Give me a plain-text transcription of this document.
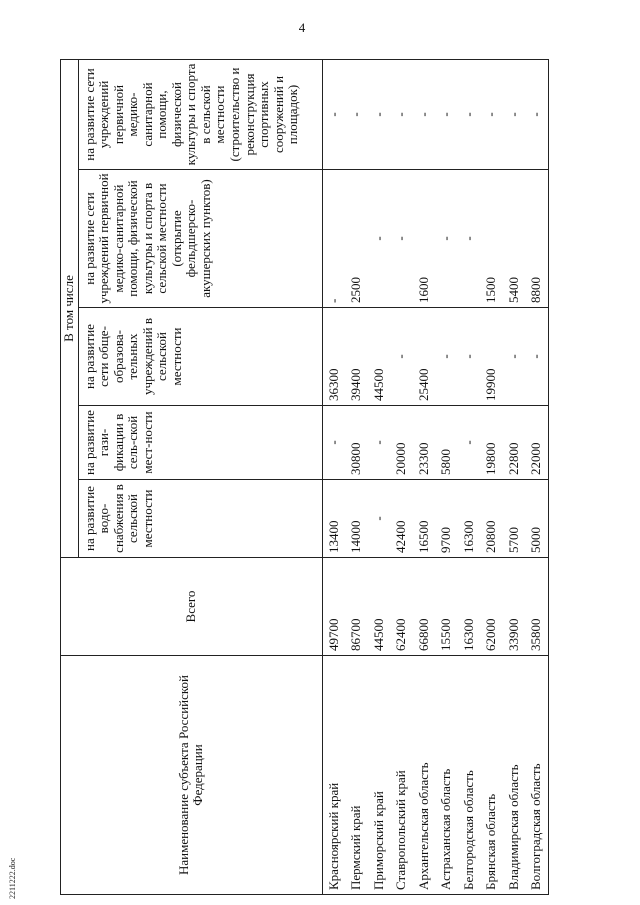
4
2211222.doc
Наименование субъекта Российской Федерации	Всего	В том числе				
		на развитие водо-снабжения в сельской местности	на развитие гази-фикации в сель-ской мест-ности	на развитие сети обще-образова-тельных учреждений в сельской местности	на развитие сети учреждений первичной медико-санитарной помощи, физической культуры и спорта в сельской местности (открытие фельдшерско-акушерских пунктов)	на развитие сети учреждений первичной медико-санитарной помощи, физической культуры и спорта в сельской местности (строительство и реконструкция спортивных сооружений и площадок)
Красноярский край	49700	13400	-	36300	-	-
Пермский край	86700	14000	30800	39400	2500	-
Приморский край	44500	-	-	44500	-	-
Ставропольский край	62400	42400	20000	-	-	-
Архангельская область	66800	16500	23300	25400	1600	-
Астраханская область	15500	9700	5800	-	-	-
Белгородская область	16300	16300	-	-	-	-
Брянская область	62000	20800	19800	19900	1500	-
Владимирская область	33900	5700	22800	-	5400	-
Волгоградская область	35800	5000	22000	-	8800	-
